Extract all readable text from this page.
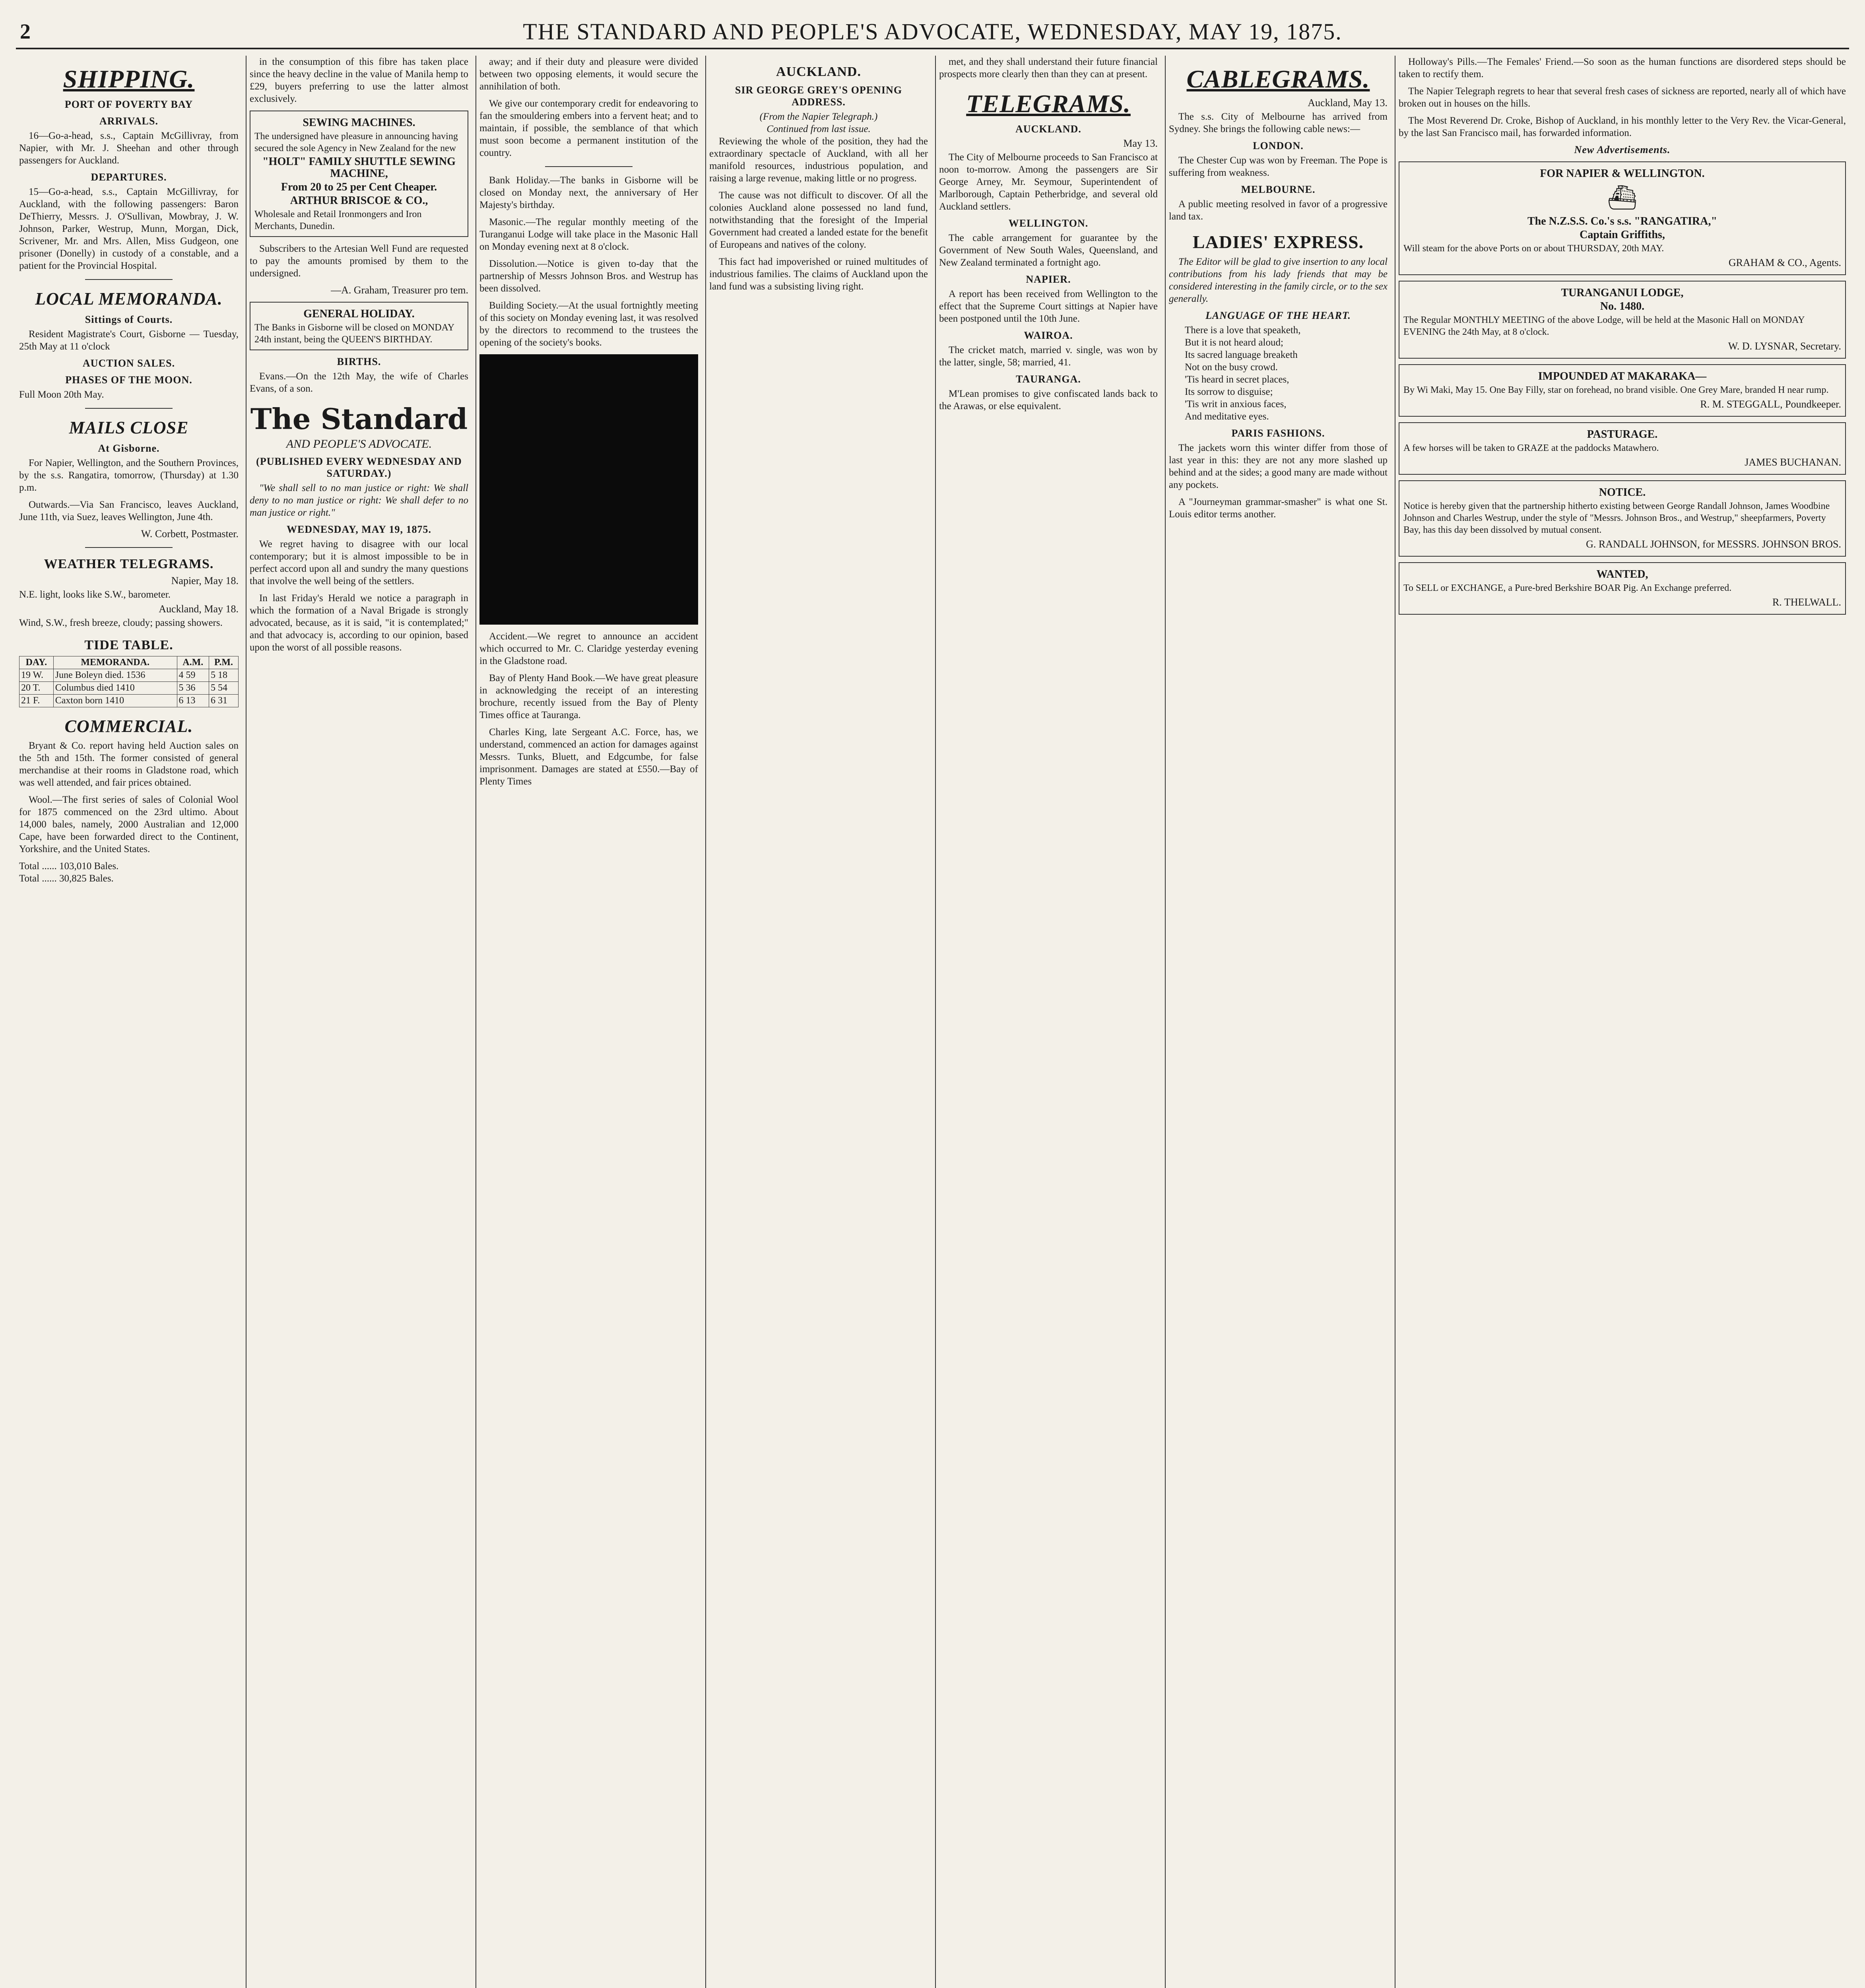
2	THE STANDARD AND PEOPLE'S ADVOCATE, WEDNESDAY, MAY 19, 1875.
SHIPPING.
PORT OF POVERTY BAY
ARRIVALS.

16—Go-a-head, s.s., Captain McGillivray, from Napier, with Mr. J. Sheehan and other through passengers for Auckland.

DEPARTURES.

15—Go-a-head, s.s., Captain McGillivray, for Auckland, with the following passengers: Baron DeThierry, Messrs. J. O'Sullivan, Mowbray, J. W. Johnson, Parker, Westrup, Munn, Morgan, Dick, Scrivener, Mr. and Mrs. Allen, Miss Gudgeon, one prisoner (Donelly) in custody of a constable, and a patient for the Provincial Hospital.

LOCAL MEMORANDA.
Sittings of Courts.

Resident Magistrate's Court, Gisborne — Tuesday, 25th May at 11 o'clock

AUCTION SALES.
PHASES OF THE MOON.
Full Moon 20th May.
MAILS CLOSE
At Gisborne.

For Napier, Wellington, and the Southern Provinces, by the s.s. Rangatira, tomorrow, (Thursday) at 1.30 p.m.

Outwards.—Via San Francisco, leaves Auckland, June 11th, via Suez, leaves Wellington, June 4th.

W. Corbett, Postmaster.
WEATHER TELEGRAMS.
Napier, May 18.
N.E. light, looks like S.W., barometer.
Auckland, May 18.
Wind, S.W., fresh breeze, cloudy; passing showers.
TIDE TABLE.
DAY.	MEMORANDA.	A.M.	P.M.
19 W.	June Boleyn died. 1536	4 59	5 18
20 T.	Columbus died 1410	5 36	5 54
21 F.	Caxton born 1410	6 13	6 31
COMMERCIAL.

Bryant & Co. report having held Auction sales on the 5th and 15th. The former consisted of general merchandise at their rooms in Gladstone road, which was well attended, and fair prices obtained.

Wool.—The first series of sales of Colonial Wool for 1875 commenced on the 23rd ultimo. About 14,000 bales, namely, 2000 Australian and 12,000 Cape, have been forwarded direct to the Continent, Yorkshire, and the United States.

Total ...... 103,010 Bales.
Total ...... 30,825 Bales.

in the consumption of this fibre has taken place since the heavy decline in the value of Manila hemp to £29, buyers preferring to use the latter almost exclusively.

SEWING MACHINES.
The undersigned have pleasure in announcing having secured the sole Agency in New Zealand for the new
"HOLT" FAMILY SHUTTLE SEWING MACHINE,
From 20 to 25 per Cent Cheaper.
ARTHUR BRISCOE & CO.,
Wholesale and Retail Ironmongers and Iron Merchants, Dunedin.

Subscribers to the Artesian Well Fund are requested to pay the amounts promised by them to the undersigned.

—A. Graham, Treasurer pro tem.
GENERAL HOLIDAY.
The Banks in Gisborne will be closed on MONDAY 24th instant, being the QUEEN'S BIRTHDAY.
BIRTHS.

Evans.—On the 12th May, the wife of Charles Evans, of a son.

The Standard
AND PEOPLE'S ADVOCATE.
(PUBLISHED EVERY WEDNESDAY AND SATURDAY.)

"We shall sell to no man justice or right: We shall deny to no man justice or right: We shall defer to no man justice or right."

WEDNESDAY, MAY 19, 1875.

We regret having to disagree with our local contemporary; but it is almost impossible to be in perfect accord upon all and sundry the many questions that involve the well being of the settlers.

In last Friday's Herald we notice a paragraph in which the formation of a Naval Brigade is strongly advocated, because, as it is said, "it is contemplated;" and that advocacy is, according to our opinion, based upon the worst of all possible reasons.

away; and if their duty and pleasure were divided between two opposing elements, it would secure the annihilation of both.

We give our contemporary credit for endeavoring to fan the smouldering embers into a fervent heat; and to maintain, if possible, the semblance of that which must soon become a permanent institution of the country.

Bank Holiday.—The banks in Gisborne will be closed on Monday next, the anniversary of Her Majesty's birthday.

Masonic.—The regular monthly meeting of the Turanganui Lodge will take place in the Masonic Hall on Monday evening next at 8 o'clock.

Dissolution.—Notice is given to-day that the partnership of Messrs Johnson Bros. and Westrup has been dissolved.

Building Society.—At the usual fortnightly meeting of this society on Monday evening last, it was resolved by the directors to recommend to the trustees the opening of the society's books.

Accident.—We regret to announce an accident which occurred to Mr. C. Claridge yesterday evening in the Gladstone road.

Bay of Plenty Hand Book.—We have great pleasure in acknowledging the receipt of an interesting brochure, recently issued from the Bay of Plenty Times office at Tauranga.

Charles King, late Sergeant A.C. Force, has, we understand, commenced an action for damages against Messrs. Tunks, Bluett, and Edgcumbe, for false imprisonment. Damages are stated at £550.—Bay of Plenty Times

AUCKLAND.
SIR GEORGE GREY'S OPENING ADDRESS.
(From the Napier Telegraph.)
Continued from last issue.

Reviewing the whole of the position, they had the extraordinary spectacle of Auckland, with all her manifold resources, industrious population, and raising a large revenue, making little or no progress.

The cause was not difficult to discover. Of all the colonies Auckland alone possessed no land fund, notwithstanding that the foresight of the Imperial Government had created a landed estate for the benefit of Europeans and natives of the colony.

This fact had impoverished or ruined multitudes of industrious families. The claims of Auckland upon the land fund was a subsisting living right.

met, and they shall understand their future financial prospects more clearly then than they can at present.

TELEGRAMS.
AUCKLAND.
May 13.

The City of Melbourne proceeds to San Francisco at noon to-morrow. Among the passengers are Sir George Arney, Mr. Seymour, Superintendent of Marlborough, Captain Petherbridge, and several old Auckland settlers.

WELLINGTON.

The cable arrangement for guarantee by the Government of New South Wales, Queensland, and New Zealand terminated a fortnight ago.

NAPIER.

A report has been received from Wellington to the effect that the Supreme Court sittings at Napier have been postponed until the 10th June.

WAIROA.

The cricket match, married v. single, was won by the latter, single, 58; married, 41.

TAURANGA.

M'Lean promises to give confiscated lands back to the Arawas, or else equivalent.

CABLEGRAMS.
Auckland, May 13.

The s.s. City of Melbourne has arrived from Sydney. She brings the following cable news:—

LONDON.

The Chester Cup was won by Freeman. The Pope is suffering from weakness.

MELBOURNE.

A public meeting resolved in favor of a progressive land tax.

LADIES' EXPRESS.

The Editor will be glad to give insertion to any local contributions from his lady friends that may be considered interesting in the family circle, or to the sex generally.

LANGUAGE OF THE HEART.
There is a love that speaketh,
But it is not heard aloud;
Its sacred language breaketh
Not on the busy crowd.
'Tis heard in secret places,
Its sorrow to disguise;
'Tis writ in anxious faces,
And meditative eyes.
PARIS FASHIONS.

The jackets worn this winter differ from those of last year in this: they are not any more slashed up behind and at the sides; a good many are made without any pockets.

A "Journeyman grammar-smasher" is what one St. Louis editor terms another.

Holloway's Pills.—The Females' Friend.—So soon as the human functions are disordered steps should be taken to rectify them.

The Napier Telegraph regrets to hear that several fresh cases of sickness are reported, nearly all of which have broken out in houses on the hills.

The Most Reverend Dr. Croke, Bishop of Auckland, in his monthly letter to the Very Rev. the Vicar-General, by the last San Francisco mail, has forwarded information.

New Advertisements.
FOR NAPIER & WELLINGTON.
⛴
The N.Z.S.S. Co.'s s.s. "RANGATIRA,"
Captain Griffiths,
Will steam for the above Ports on or about THURSDAY, 20th MAY.
GRAHAM & CO., Agents.
TURANGANUI LODGE,
No. 1480.
The Regular MONTHLY MEETING of the above Lodge, will be held at the Masonic Hall on MONDAY EVENING the 24th May, at 8 o'clock.
W. D. LYSNAR, Secretary.
IMPOUNDED AT MAKARAKA—
By Wi Maki, May 15. One Bay Filly, star on forehead, no brand visible. One Grey Mare, branded H near rump.
R. M. STEGGALL, Poundkeeper.
PASTURAGE.
A few horses will be taken to GRAZE at the paddocks Matawhero.
JAMES BUCHANAN.
NOTICE.
Notice is hereby given that the partnership hitherto existing between George Randall Johnson, James Woodbine Johnson and Charles Westrup, under the style of "Messrs. Johnson Bros., and Westrup," sheepfarmers, Poverty Bay, has this day been dissolved by mutual consent.
G. RANDALL JOHNSON, for MESSRS. JOHNSON BROS.
WANTED,
To SELL or EXCHANGE, a Pure-bred Berkshire BOAR Pig. An Exchange preferred.
R. THELWALL.
